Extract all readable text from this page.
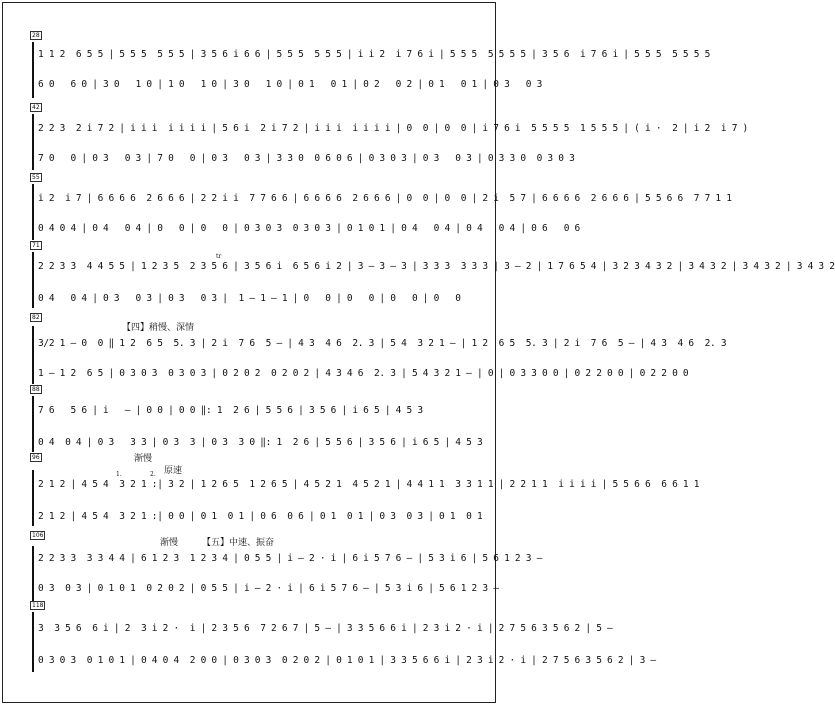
28
1 1 2  6 5 5 | 5 5 5  5 5 5 | 3 5 6 i 6 6 | 5 5 5  5 5 5 | i i 2  i 7 6 i | 5 5 5  5 5 5 5 | 3 5 6  i 7 6 i | 5 5 5  5 5 5 5
6 0   6 0 | 3 0   1 0 | 1 0   1 0 | 3 0   1 0 | 0 1   0 1 | 0 2   0 2 | 0 1   0 1 | 0 3   0 3
42
2 2 3  2 i 7 2 | i i i  i i i i | 5 6 i  2 i 7 2 | i i i  i i i i | 0  0 | 0  0 | i 7 6 i  5 5 5 5  1 5 5 5 | ( i ·  2 | i 2  i 7 )
7 0   0 | 0 3   0 3 | 7 0   0 | 0 3   0 3 | 3 3 0  0 6 0 6 | 0 3 0 3 | 0 3   0 3 | 0 3 3 0  0 3 0 3
55
i 2  i 7 | 6 6 6 6  2 6 6 6 | 2 2 i i  7 7 6 6 | 6 6 6 6  2 6 6 6 | 0  0 | 0  0 | 2 i  5 7 | 6 6 6 6  2 6 6 6 | 5 5 6 6  7 7 1 1
0 4 0 4 | 0 4   0 4 | 0   0 | 0   0 | 0 3 0 3  0 3 0 3 | 0 1 0 1 | 0 4   0 4 | 0 4   0 4 | 0 6   0 6
71
tr
2 2 3 3  4 4 5 5 | 1 2 3 5  2 3 5 6 | 3 5 6 i  6 5 6 i 2 | 3 – 3 – 3 | 3 3 3  3 3 3 | 3 – 2 | 1 7 6 5 4 | 3 2 3 4 3 2 | 3 4 3 2 | 3 4 3 2 | 3 4 3 2
0 4   0 4 | 0 3   0 3 | 0 3   0 3 |  1 – 1 – 1 | 0   0 | 0   0 | 0   0 | 0   0
82
【四】稍慢、深情
3/2 1 – 0  0 ‖ 1 2  6 5  5. 3 | 2 i  7 6  5 – | 4 3  4 6  2. 3 | 5 4  3 2 1 – | 1 2  6 5  5. 3 | 2 i  7 6  5 – | 4 3  4 6  2. 3
1 – 1 2  6 5 | 0 3 0 3  0 3 0 3 | 0 2 0 2  0 2 0 2 | 4 3 4 6  2. 3 | 5 4 3 2 1 – | 0 | 0 3 3 0 0 | 0 2 2 0 0 | 0 2 2 0 0
88
7 6   5 6 | i   – | 0 0 | 0 0 ‖: 1  2 6 | 5 5 6 | 3 5 6 | i 6 5 | 4 5 3
0 4  0 4 | 0 3   3 3 | 0 3  3 | 0 3  3 0 ‖: 1  2 6 | 5 5 6 | 3 5 6 | i 6 5 | 4 5 3
96	渐慢
原速
1.	2.
2 1 2 | 4 5 4  3 2 1 :| 3 2 | 1 2 6 5  1 2 6 5 | 4 5 2 1  4 5 2 1 | 4 4 1 1  3 3 1 1 | 2 2 1 1  i i i i | 5 5 6 6  6 6 1 1
2 1 2 | 4 5 4  3 2 1 :| 0 0 | 0 1  0 1 | 0 6  0 6 | 0 1  0 1 | 0 3  0 3 | 0 1  0 1
106
渐慢	【五】中速、振奋
2 2 3 3  3 3 4 4 | 6 1 2 3  1 2 3 4 | 0 5 5 | i – 2 · i | 6 i 5 7 6 – | 5 3 i 6 | 5 6 1 2 3 –
0 3  0 3 | 0 1 0 1  0 2 0 2 | 0 5 5 | i – 2 · i | 6 i 5 7 6 – | 5 3 i 6 | 5 6 1 2 3 –
118
3  3 5 6  6 i | 2  3 i 2 ·  i | 2 3 5 6  7 2 6 7 | 5 – | 3 3 5 6 6 i | 2 3 i 2 · i | 2 7 5 6 3 5 6 2 | 5 –
0 3 0 3  0 1 0 1 | 0 4 0 4  2 0 0 | 0 3 0 3  0 2 0 2 | 0 1 0 1 | 3 3 5 6 6 i | 2 3 i 2 · i | 2 7 5 6 3 5 6 2 | 3 –
